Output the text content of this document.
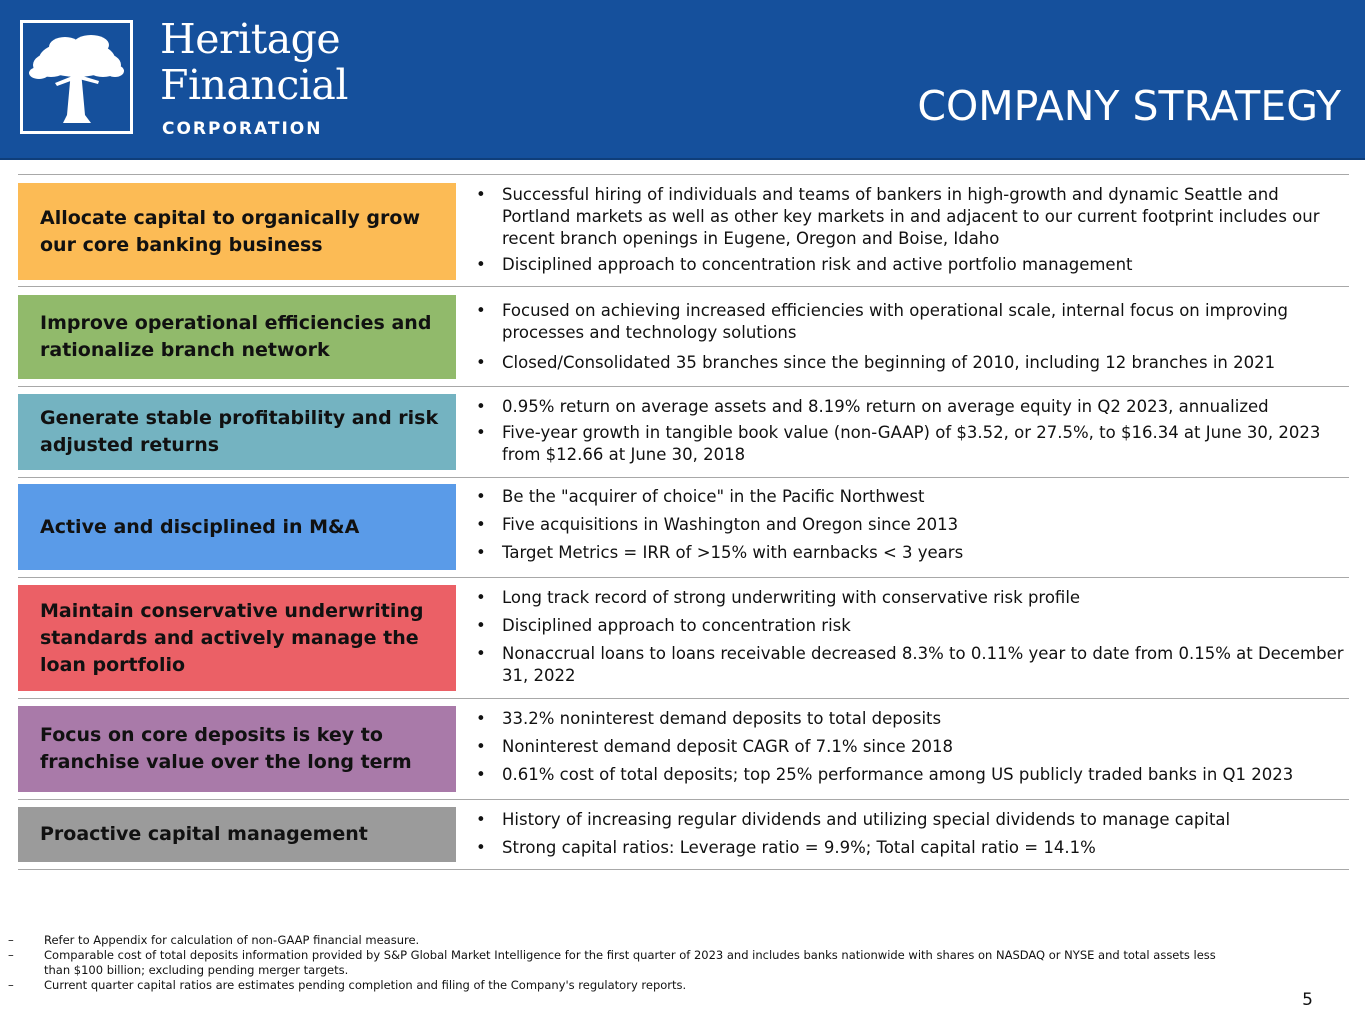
Heritage
Financial
CORPORATION	COMPANY STRATEGY
Allocate capital to organically grow our core banking business
• Successful hiring of individuals and teams of bankers in high-growth and dynamic Seattle and Portland markets as well as other key markets in and adjacent to our current footprint includes our recent branch openings in Eugene, Oregon and Boise, Idaho
• Disciplined approach to concentration risk and active portfolio management
Improve operational efficiencies and rationalize branch network
• Focused on achieving increased efficiencies with operational scale, internal focus on improving processes and technology solutions
• Closed/Consolidated 35 branches since the beginning of 2010, including 12 branches in 2021
Generate stable profitability and risk adjusted returns
• 0.95% return on average assets and 8.19% return on average equity in Q2 2023, annualized
• Five-year growth in tangible book value (non-GAAP) of $3.52, or 27.5%, to $16.34 at June 30, 2023 from $12.66 at June 30, 2018
Active and disciplined in M&A
• Be the "acquirer of choice" in the Pacific Northwest
• Five acquisitions in Washington and Oregon since 2013
• Target Metrics = IRR of >15% with earnbacks < 3 years
Maintain conservative underwriting standards and actively manage the loan portfolio
• Long track record of strong underwriting with conservative risk profile
• Disciplined approach to concentration risk
• Nonaccrual loans to loans receivable decreased 8.3% to 0.11% year to date from 0.15% at December 31, 2022
Focus on core deposits is key to franchise value over the long term
• 33.2% noninterest demand deposits to total deposits
• Noninterest demand deposit CAGR of 7.1% since 2018
• 0.61% cost of total deposits; top 25% performance among US publicly traded banks in Q1 2023
Proactive capital management
• History of increasing regular dividends and utilizing special dividends to manage capital
• Strong capital ratios: Leverage ratio = 9.9%; Total capital ratio = 14.1%
– Refer to Appendix for calculation of non-GAAP financial measure.
– Comparable cost of total deposits information provided by S&P Global Market Intelligence for the first quarter of 2023 and includes banks nationwide with shares on NASDAQ or NYSE and total assets less than $100 billion; excluding pending merger targets.
– Current quarter capital ratios are estimates pending completion and filing of the Company's regulatory reports.
5
